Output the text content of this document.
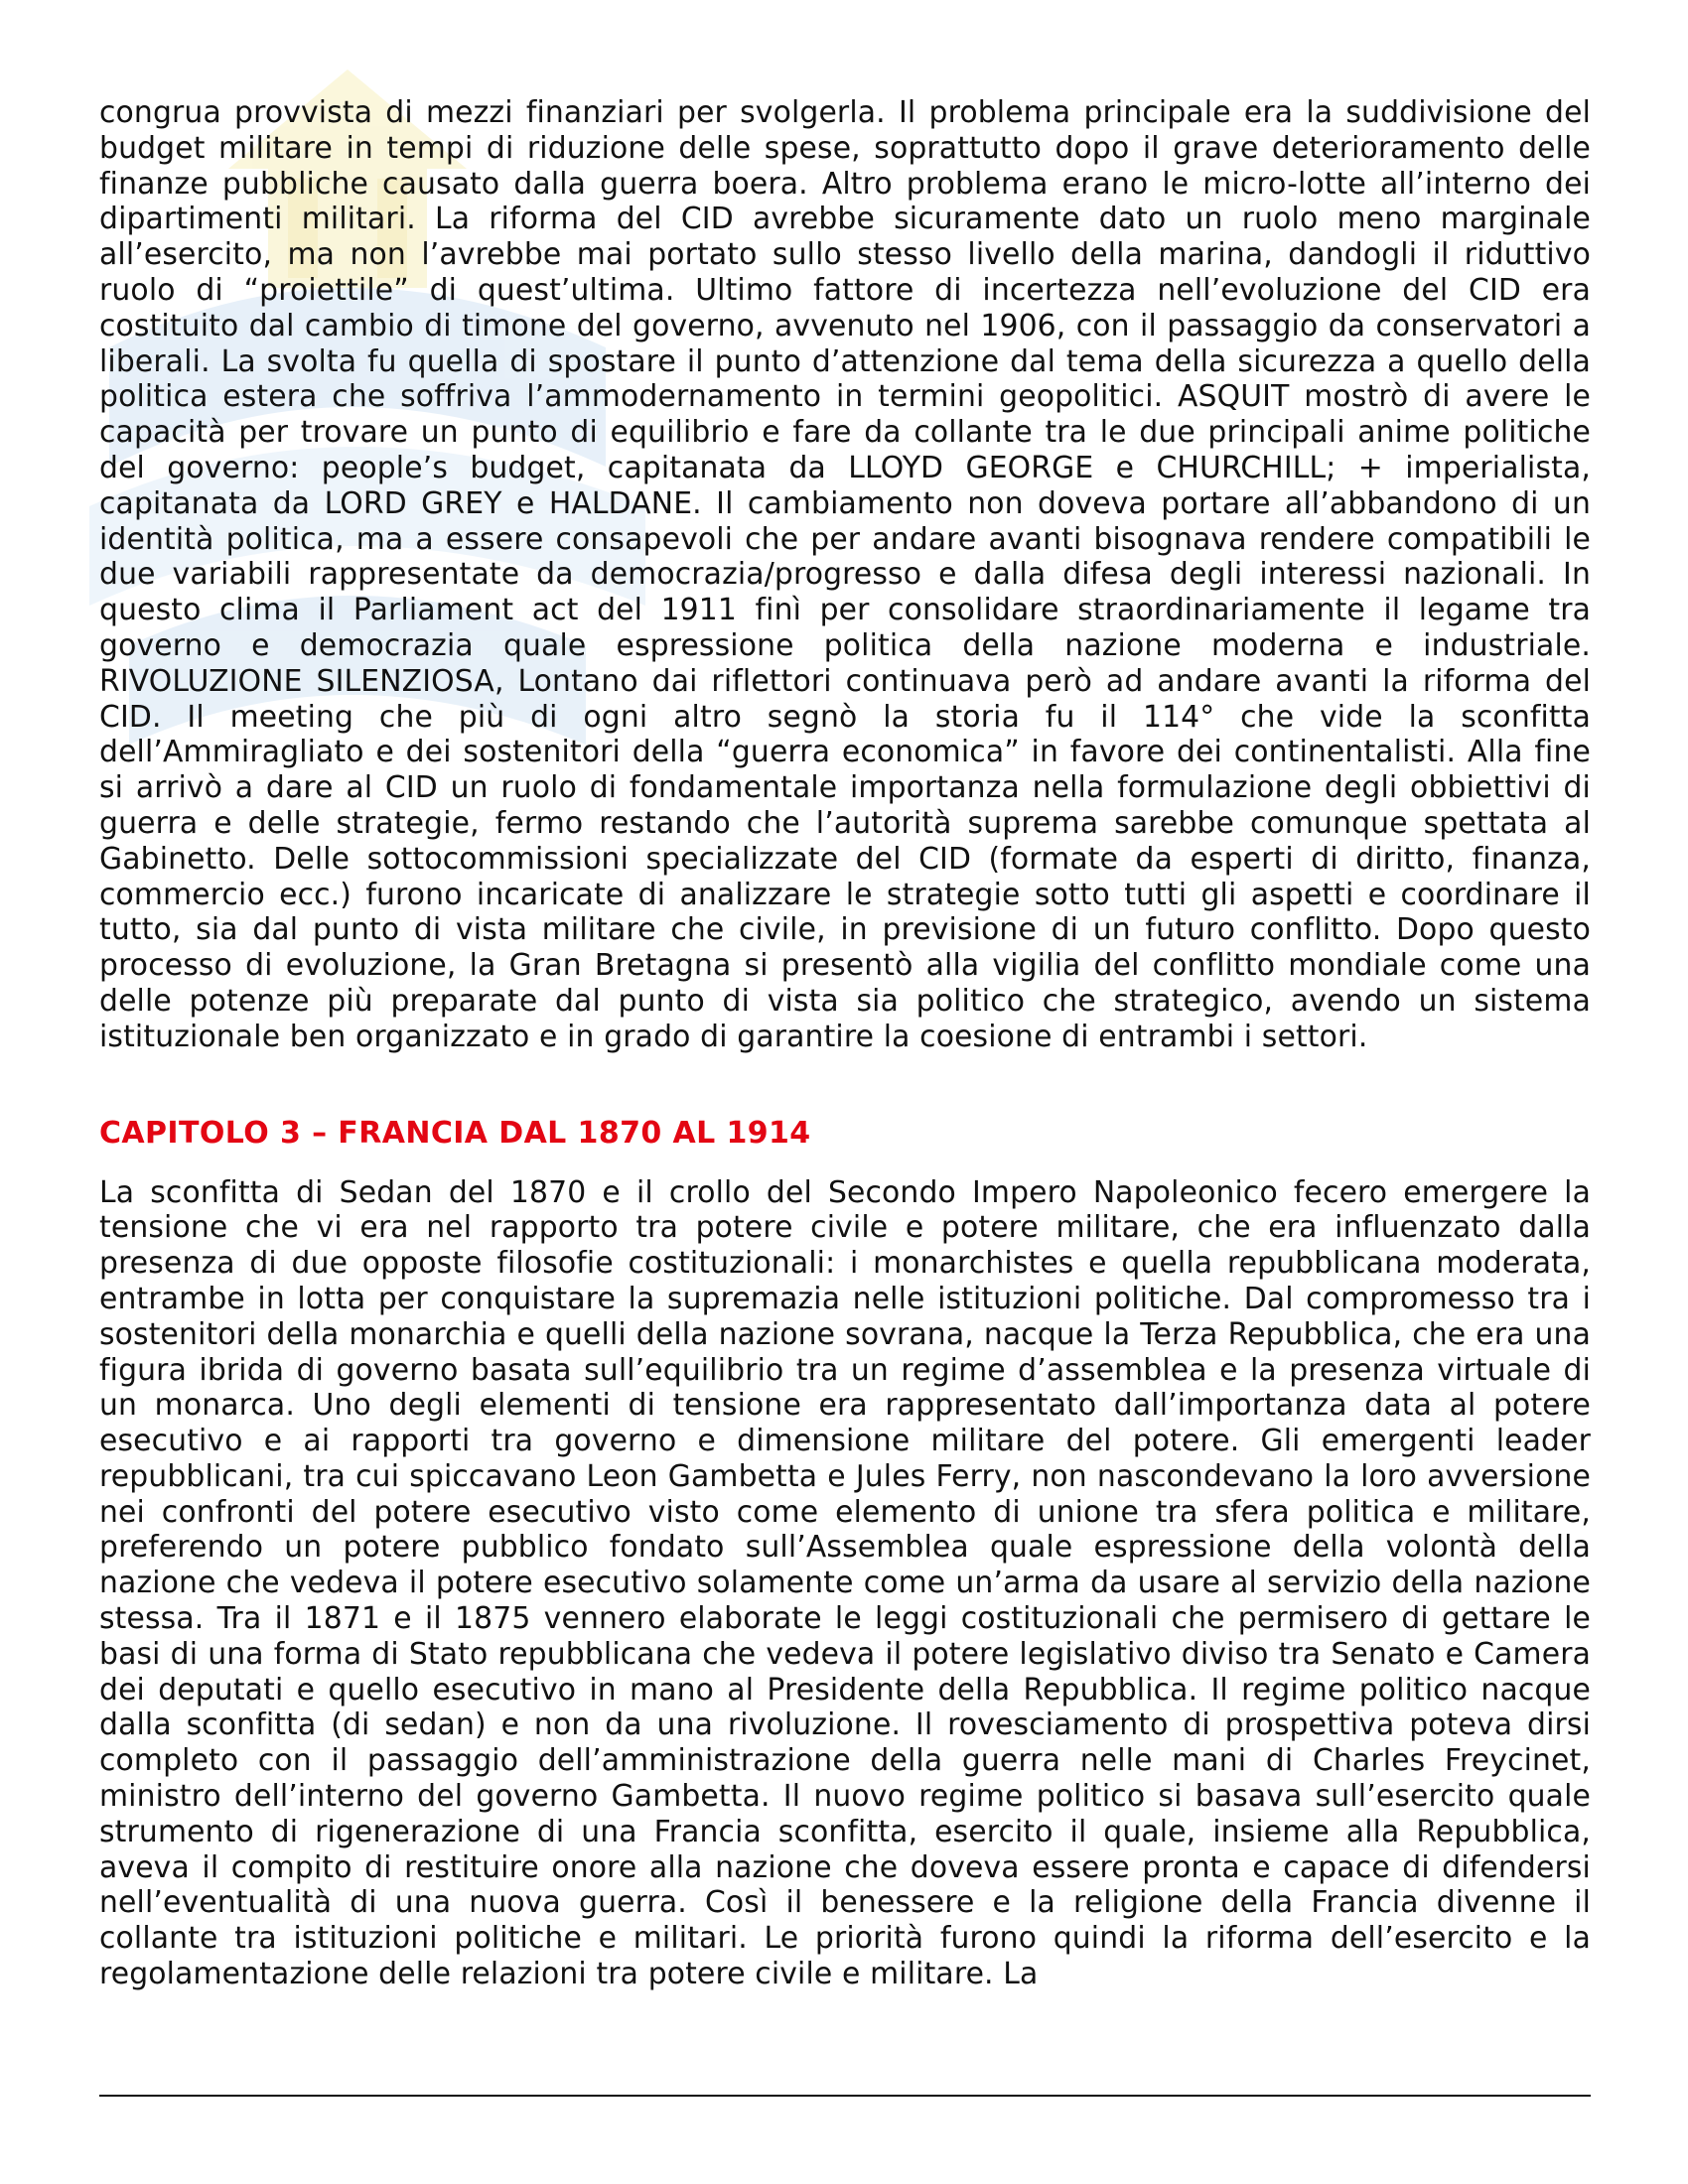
congrua provvista di mezzi finanziari per svolgerla. Il problema principale era la suddivisione del budget militare in tempi di riduzione delle spese, soprattutto dopo il grave deterioramento delle finanze pubbliche causato dalla guerra boera. Altro problema erano le micro-lotte all’interno dei dipartimenti militari. La riforma del CID avrebbe sicuramente dato un ruolo meno marginale all’esercito, ma non l’avrebbe mai portato sullo stesso livello della marina, dandogli il riduttivo ruolo di “proiettile” di quest’ultima. Ultimo fattore di incertezza nell’evoluzione del CID era costituito dal cambio di timone del governo, avvenuto nel 1906, con il passaggio da conservatori a liberali. La svolta fu quella di spostare il punto d’attenzione dal tema della sicurezza a quello della politica estera che soffriva l’ammodernamento in termini geopolitici. ASQUIT mostrò di avere le capacità per trovare un punto di equilibrio e fare da collante tra le due principali anime politiche del governo: people’s budget, capitanata da LLOYD GEORGE e CHURCHILL; + imperialista, capitanata da LORD GREY e HALDANE. Il cambiamento non doveva portare all’abbandono di un identità politica, ma a essere consapevoli che per andare avanti bisognava rendere compatibili le due variabili rappresentate da democrazia/progresso e dalla difesa degli interessi nazionali. In questo clima il Parliament act del 1911 finì per consolidare straordinariamente il legame tra governo e democrazia quale espressione politica della nazione moderna e industriale. RIVOLUZIONE SILENZIOSA, Lontano dai riflettori continuava però ad andare avanti la riforma del CID. Il meeting che più di ogni altro segnò la storia fu il 114° che vide la sconfitta dell’Ammiragliato e dei sostenitori della “guerra economica” in favore dei continentalisti. Alla fine si arrivò a dare al CID un ruolo di fondamentale importanza nella formulazione degli obbiettivi di guerra e delle strategie, fermo restando che l’autorità suprema sarebbe comunque spettata al Gabinetto. Delle sottocommissioni specializzate del CID (formate da esperti di diritto, finanza, commercio ecc.) furono incaricate di analizzare le strategie sotto tutti gli aspetti e coordinare il tutto, sia dal punto di vista militare che civile, in previsione di un futuro conflitto. Dopo questo processo di evoluzione, la Gran Bretagna si presentò alla vigilia del conflitto mondiale come una delle potenze più preparate dal punto di vista sia politico che strategico, avendo un sistema istituzionale ben organizzato e in grado di garantire la coesione di entrambi i settori.

CAPITOLO 3 – FRANCIA DAL 1870 AL 1914

La sconfitta di Sedan del 1870 e il crollo del Secondo Impero Napoleonico fecero emergere la tensione che vi era nel rapporto tra potere civile e potere militare, che era influenzato dalla presenza di due opposte filosofie costituzionali: i monarchistes e quella repubblicana moderata, entrambe in lotta per conquistare la supremazia nelle istituzioni politiche. Dal compromesso tra i sostenitori della monarchia e quelli della nazione sovrana, nacque la Terza Repubblica, che era una figura ibrida di governo basata sull’equilibrio tra un regime d’assemblea e la presenza virtuale di un monarca. Uno degli elementi di tensione era rappresentato dall’importanza data al potere esecutivo e ai rapporti tra governo e dimensione militare del potere. Gli emergenti leader repubblicani, tra cui spiccavano Leon Gambetta e Jules Ferry, non nascondevano la loro avversione nei confronti del potere esecutivo visto come elemento di unione tra sfera politica e militare, preferendo un potere pubblico fondato sull’Assemblea quale espressione della volontà della nazione che vedeva il potere esecutivo solamente come un’arma da usare al servizio della nazione stessa. Tra il 1871 e il 1875 vennero elaborate le leggi costituzionali che permisero di gettare le basi di una forma di Stato repubblicana che vedeva il potere legislativo diviso tra Senato e Camera dei deputati e quello esecutivo in mano al Presidente della Repubblica. Il regime politico nacque dalla sconfitta (di sedan) e non da una rivoluzione. Il rovesciamento di prospettiva poteva dirsi completo con il passaggio dell’amministrazione della guerra nelle mani di Charles Freycinet, ministro dell’interno del governo Gambetta. Il nuovo regime politico si basava sull’esercito quale strumento di rigenerazione di una Francia sconfitta, esercito il quale, insieme alla Repubblica, aveva il compito di restituire onore alla nazione che doveva essere pronta e capace di difendersi nell’eventualità di una nuova guerra. Così il benessere e la religione della Francia divenne il collante tra istituzioni politiche e militari. Le priorità furono quindi la riforma dell’esercito e la regolamentazione delle relazioni tra potere civile e militare. La
